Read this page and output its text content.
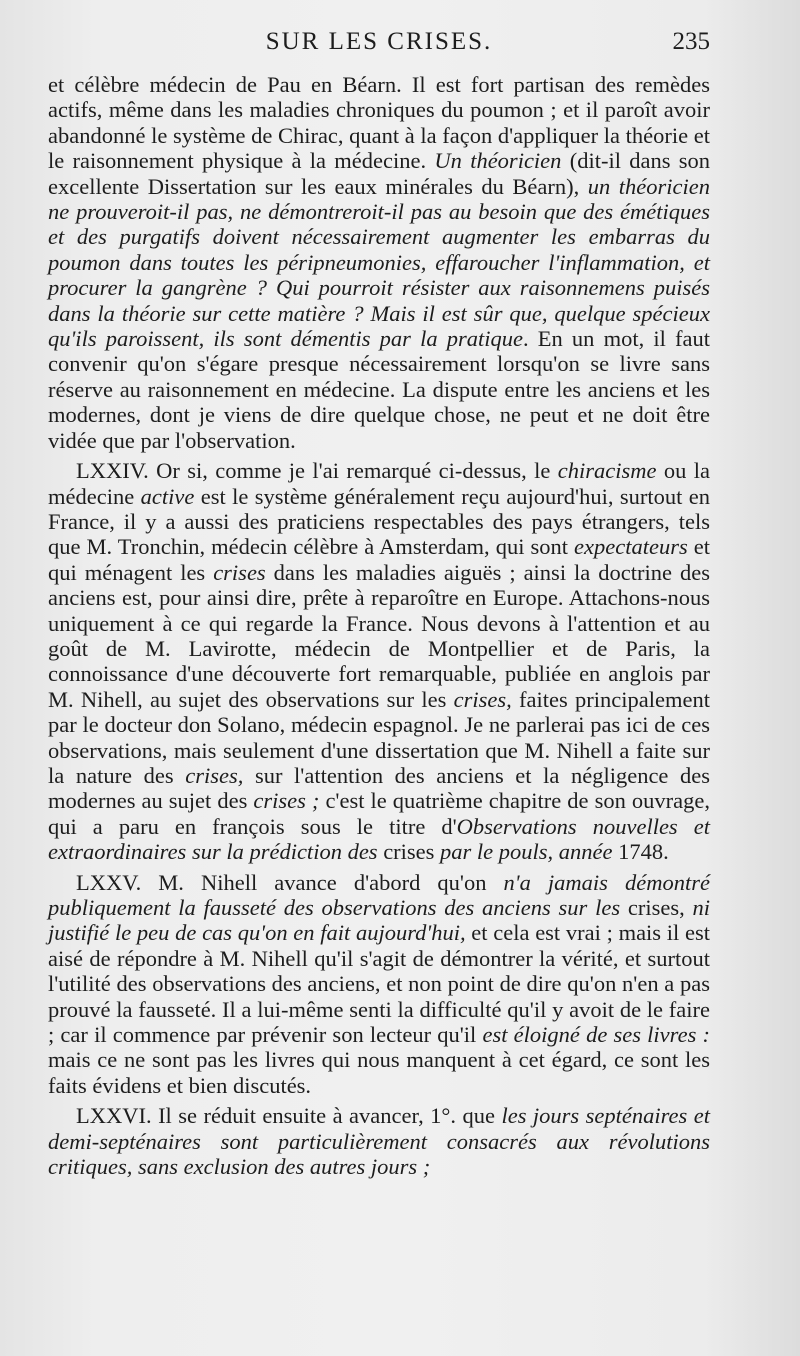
SUR LES CRISES.	235

et célèbre médecin de Pau en Béarn. Il est fort partisan des remèdes actifs, même dans les maladies chroniques du poumon ; et il paroît avoir abandonné le système de Chirac, quant à la façon d'appliquer la théorie et le raisonnement physique à la médecine. Un théoricien (dit-il dans son excellente Dissertation sur les eaux minérales du Béarn), un théoricien ne prouveroit-il pas, ne démontreroit-il pas au besoin que des émétiques et des purgatifs doivent nécessairement augmenter les embarras du poumon dans toutes les péripneumonies, effaroucher l'inflammation, et procurer la gangrène ? Qui pourroit résister aux raisonnemens puisés dans la théorie sur cette matière ? Mais il est sûr que, quelque spécieux qu'ils paroissent, ils sont démentis par la pratique. En un mot, il faut convenir qu'on s'égare presque nécessairement lorsqu'on se livre sans réserve au raisonnement en médecine. La dispute entre les anciens et les modernes, dont je viens de dire quelque chose, ne peut et ne doit être vidée que par l'observation.

LXXIV. Or si, comme je l'ai remarqué ci-dessus, le chiracisme ou la médecine active est le système généralement reçu aujourd'hui, surtout en France, il y a aussi des praticiens respectables des pays étrangers, tels que M. Tronchin, médecin célèbre à Amsterdam, qui sont expectateurs et qui ménagent les crises dans les maladies aiguës ; ainsi la doctrine des anciens est, pour ainsi dire, prête à reparoître en Europe. Attachons-nous uniquement à ce qui regarde la France. Nous devons à l'attention et au goût de M. Lavirotte, médecin de Montpellier et de Paris, la connoissance d'une découverte fort remarquable, publiée en anglois par M. Nihell, au sujet des observations sur les crises, faites principalement par le docteur don Solano, médecin espagnol. Je ne parlerai pas ici de ces observations, mais seulement d'une dissertation que M. Nihell a faite sur la nature des crises, sur l'attention des anciens et la négligence des modernes au sujet des crises ; c'est le quatrième chapitre de son ouvrage, qui a paru en françois sous le titre d'Observations nouvelles et extraordinaires sur la prédiction des crises par le pouls, année 1748.

LXXV. M. Nihell avance d'abord qu'on n'a jamais démontré publiquement la fausseté des observations des anciens sur les crises, ni justifié le peu de cas qu'on en fait aujourd'hui, et cela est vrai ; mais il est aisé de répondre à M. Nihell qu'il s'agit de démontrer la vérité, et surtout l'utilité des observations des anciens, et non point de dire qu'on n'en a pas prouvé la fausseté. Il a lui-même senti la difficulté qu'il y avoit de le faire ; car il commence par prévenir son lecteur qu'il est éloigné de ses livres : mais ce ne sont pas les livres qui nous manquent à cet égard, ce sont les faits évidens et bien discutés.

LXXVI. Il se réduit ensuite à avancer, 1°. que les jours septénaires et demi-septénaires sont particulièrement consacrés aux révolutions critiques, sans exclusion des autres jours ;
